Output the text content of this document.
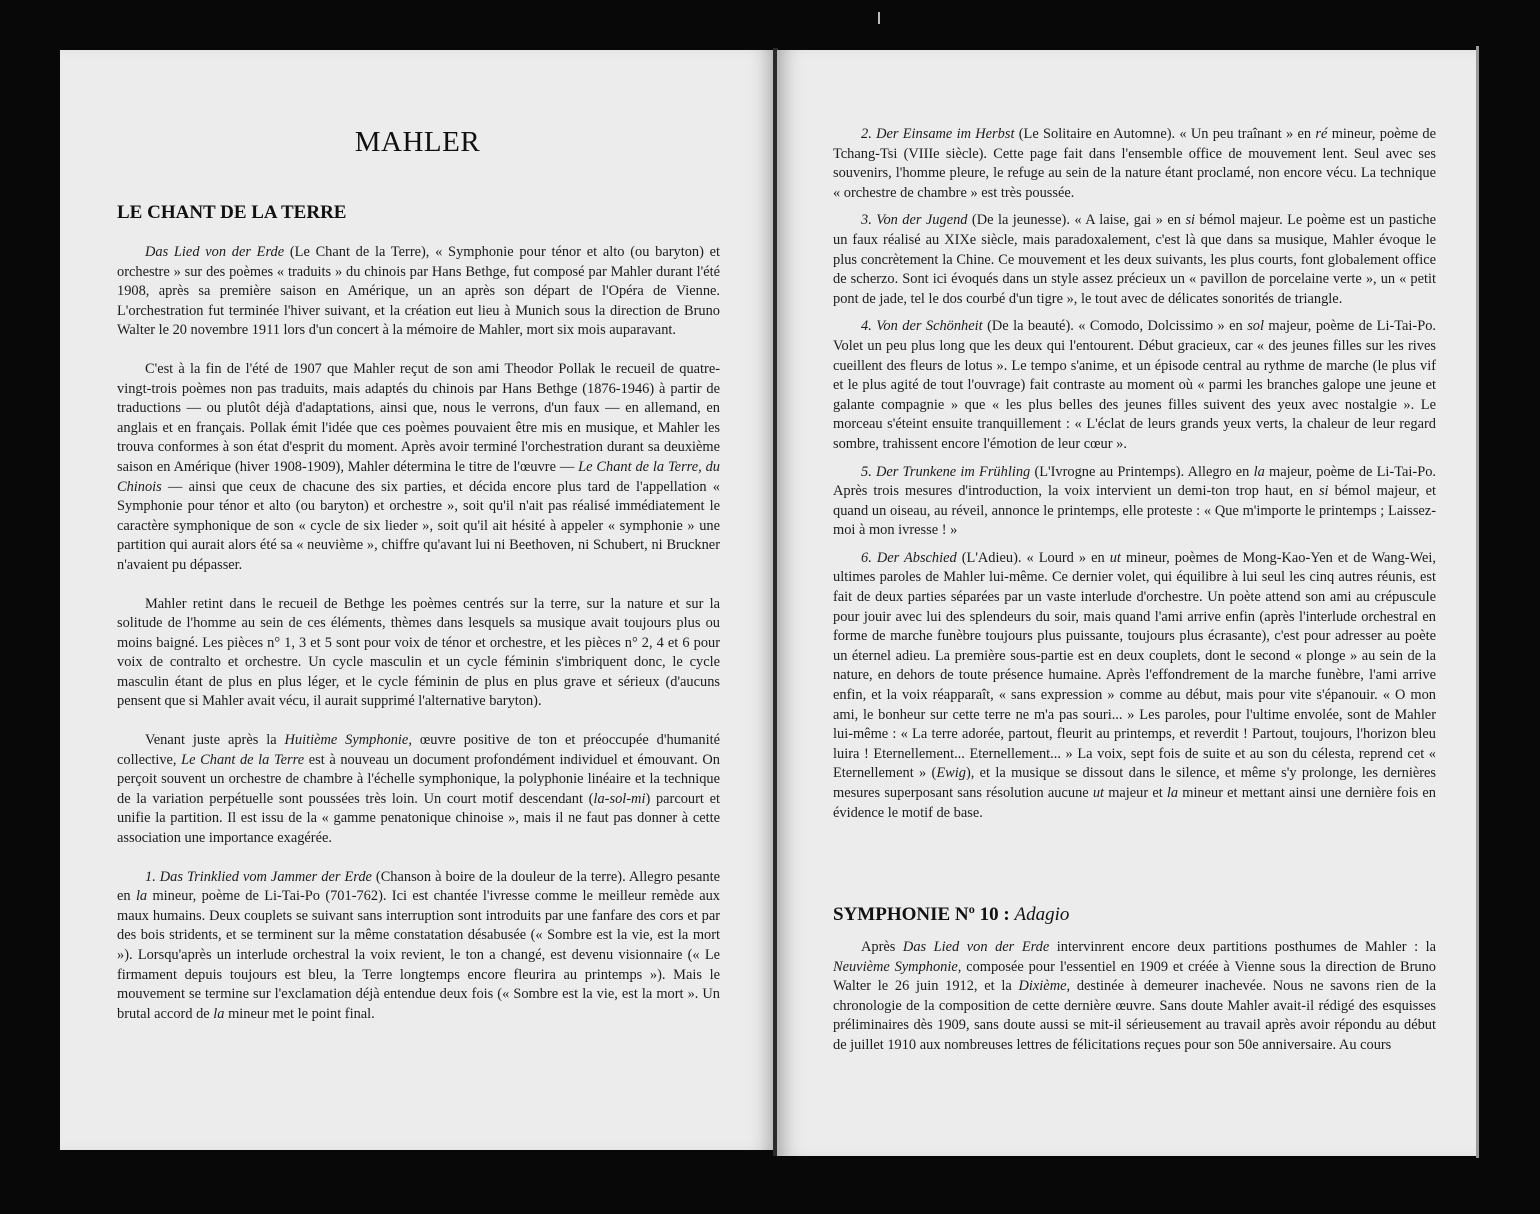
MAHLER
LE CHANT DE LA TERRE

Das Lied von der Erde (Le Chant de la Terre), « Symphonie pour ténor et alto (ou baryton) et orchestre » sur des poèmes « traduits » du chinois par Hans Bethge, fut composé par Mahler durant l'été 1908, après sa première saison en Amérique, un an après son départ de l'Opéra de Vienne. L'orchestration fut terminée l'hiver suivant, et la création eut lieu à Munich sous la direction de Bruno Walter le 20 novembre 1911 lors d'un concert à la mémoire de Mahler, mort six mois auparavant.

C'est à la fin de l'été de 1907 que Mahler reçut de son ami Theodor Pollak le recueil de quatre-vingt-trois poèmes non pas traduits, mais adaptés du chinois par Hans Bethge (1876-1946) à partir de traductions — ou plutôt déjà d'adaptations, ainsi que, nous le verrons, d'un faux — en allemand, en anglais et en français. Pollak émit l'idée que ces poèmes pouvaient être mis en musique, et Mahler les trouva conformes à son état d'esprit du moment. Après avoir terminé l'orchestration durant sa deuxième saison en Amérique (hiver 1908-1909), Mahler détermina le titre de l'œuvre — Le Chant de la Terre, du Chinois — ainsi que ceux de chacune des six parties, et décida encore plus tard de l'appellation « Symphonie pour ténor et alto (ou baryton) et orchestre », soit qu'il n'ait pas réalisé immédiatement le caractère symphonique de son « cycle de six lieder », soit qu'il ait hésité à appeler « symphonie » une partition qui aurait alors été sa « neuvième », chiffre qu'avant lui ni Beethoven, ni Schubert, ni Bruckner n'avaient pu dépasser.

Mahler retint dans le recueil de Bethge les poèmes centrés sur la terre, sur la nature et sur la solitude de l'homme au sein de ces éléments, thèmes dans lesquels sa musique avait toujours plus ou moins baigné. Les pièces n° 1, 3 et 5 sont pour voix de ténor et orchestre, et les pièces n° 2, 4 et 6 pour voix de contralto et orchestre. Un cycle masculin et un cycle féminin s'imbriquent donc, le cycle masculin étant de plus en plus léger, et le cycle féminin de plus en plus grave et sérieux (d'aucuns pensent que si Mahler avait vécu, il aurait supprimé l'alternative baryton).

Venant juste après la Huitième Symphonie, œuvre positive de ton et préoccupée d'humanité collective, Le Chant de la Terre est à nouveau un document profondément individuel et émouvant. On perçoit souvent un orchestre de chambre à l'échelle symphonique, la polyphonie linéaire et la technique de la variation perpétuelle sont poussées très loin. Un court motif descendant (la-sol-mi) parcourt et unifie la partition. Il est issu de la « gamme penatonique chinoise », mais il ne faut pas donner à cette association une importance exagérée.

1. Das Trinklied vom Jammer der Erde (Chanson à boire de la douleur de la terre). Allegro pesante en la mineur, poème de Li-Tai-Po (701-762). Ici est chantée l'ivresse comme le meilleur remède aux maux humains. Deux couplets se suivant sans interruption sont introduits par une fanfare des cors et par des bois stridents, et se terminent sur la même constatation désabusée (« Sombre est la vie, est la mort »). Lorsqu'après un interlude orchestral la voix revient, le ton a changé, est devenu visionnaire (« Le firmament depuis toujours est bleu, la Terre longtemps encore fleurira au printemps »). Mais le mouvement se termine sur l'exclamation déjà entendue deux fois (« Sombre est la vie, est la mort ». Un brutal accord de la mineur met le point final.

2. Der Einsame im Herbst (Le Solitaire en Automne). « Un peu traînant » en ré mineur, poème de Tchang-Tsi (VIIIe siècle). Cette page fait dans l'ensemble office de mouvement lent. Seul avec ses souvenirs, l'homme pleure, le refuge au sein de la nature étant proclamé, non encore vécu. La technique « orchestre de chambre » est très poussée.

3. Von der Jugend (De la jeunesse). « A laise, gai » en si bémol majeur. Le poème est un pastiche un faux réalisé au XIXe siècle, mais paradoxalement, c'est là que dans sa musique, Mahler évoque le plus concrètement la Chine. Ce mouvement et les deux suivants, les plus courts, font globalement office de scherzo. Sont ici évoqués dans un style assez précieux un « pavillon de porcelaine verte », un « petit pont de jade, tel le dos courbé d'un tigre », le tout avec de délicates sonorités de triangle.

4. Von der Schönheit (De la beauté). « Comodo, Dolcissimo » en sol majeur, poème de Li-Tai-Po. Volet un peu plus long que les deux qui l'entourent. Début gracieux, car « des jeunes filles sur les rives cueillent des fleurs de lotus ». Le tempo s'anime, et un épisode central au rythme de marche (le plus vif et le plus agité de tout l'ouvrage) fait contraste au moment où « parmi les branches galope une jeune et galante compagnie » que « les plus belles des jeunes filles suivent des yeux avec nostalgie ». Le morceau s'éteint ensuite tranquillement : « L'éclat de leurs grands yeux verts, la chaleur de leur regard sombre, trahissent encore l'émotion de leur cœur ».

5. Der Trunkene im Frühling (L'Ivrogne au Printemps). Allegro en la majeur, poème de Li-Tai-Po. Après trois mesures d'introduction, la voix intervient un demi-ton trop haut, en si bémol majeur, et quand un oiseau, au réveil, annonce le printemps, elle proteste : « Que m'importe le printemps ; Laissez-moi à mon ivresse ! »

6. Der Abschied (L'Adieu). « Lourd » en ut mineur, poèmes de Mong-Kao-Yen et de Wang-Wei, ultimes paroles de Mahler lui-même. Ce dernier volet, qui équilibre à lui seul les cinq autres réunis, est fait de deux parties séparées par un vaste interlude d'orchestre. Un poète attend son ami au crépuscule pour jouir avec lui des splendeurs du soir, mais quand l'ami arrive enfin (après l'interlude orchestral en forme de marche funèbre toujours plus puissante, toujours plus écrasante), c'est pour adresser au poète un éternel adieu. La première sous-partie est en deux couplets, dont le second « plonge » au sein de la nature, en dehors de toute présence humaine. Après l'effondrement de la marche funèbre, l'ami arrive enfin, et la voix réapparaît, « sans expression » comme au début, mais pour vite s'épanouir. « O mon ami, le bonheur sur cette terre ne m'a pas souri... » Les paroles, pour l'ultime envolée, sont de Mahler lui-même : « La terre adorée, partout, fleurit au printemps, et reverdit ! Partout, toujours, l'horizon bleu luira ! Eternellement... Eternellement... » La voix, sept fois de suite et au son du célesta, reprend cet « Eternellement » (Ewig), et la musique se dissout dans le silence, et même s'y prolonge, les dernières mesures superposant sans résolution aucune ut majeur et la mineur et mettant ainsi une dernière fois en évidence le motif de base.

SYMPHONIE Nº 10 : Adagio

Après Das Lied von der Erde intervinrent encore deux partitions posthumes de Mahler : la Neuvième Symphonie, composée pour l'essentiel en 1909 et créée à Vienne sous la direction de Bruno Walter le 26 juin 1912, et la Dixième, destinée à demeurer inachevée. Nous ne savons rien de la chronologie de la composition de cette dernière œuvre. Sans doute Mahler avait-il rédigé des esquisses préliminaires dès 1909, sans doute aussi se mit-il sérieusement au travail après avoir répondu au début de juillet 1910 aux nombreuses lettres de félicitations reçues pour son 50e anniversaire. Au cours
